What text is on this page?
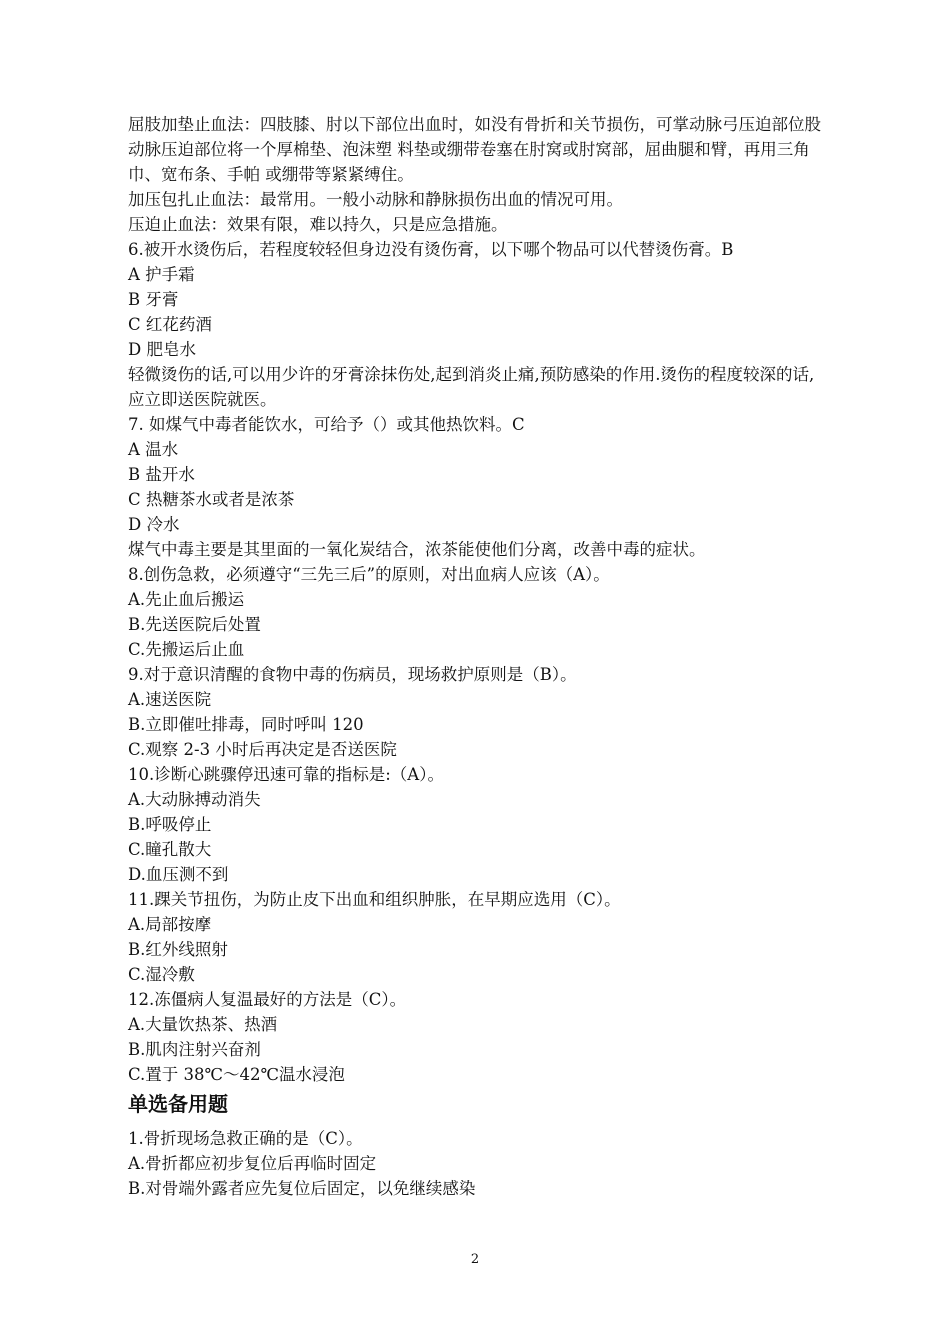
屈肢加垫止血法：四肢膝、肘以下部位出血时，如没有骨折和关节损伤，可掌动脉弓压迫部位股动脉压迫部位将一个厚棉垫、泡沫塑 料垫或绷带卷塞在肘窝或肘窝部，屈曲腿和臂，再用三角巾、宽布条、手帕 或绷带等紧紧缚住。

加压包扎止血法：最常用。一般小动脉和静脉损伤出血的情况可用。

压迫止血法：效果有限，难以持久，只是应急措施。

6.被开水烫伤后，若程度较轻但身边没有烫伤膏，以下哪个物品可以代替烫伤膏。B

A 护手霜

B 牙膏

C 红花药酒

D 肥皂水

轻微烫伤的话,可以用少许的牙膏涂抹伤处,起到消炎止痛,预防感染的作用.烫伤的程度较深的话,应立即送医院就医。

7. 如煤气中毒者能饮水，可给予（）或其他热饮料。C

A 温水

B 盐开水

C 热糖茶水或者是浓茶

D 冷水

煤气中毒主要是其里面的一氧化炭结合，浓茶能使他们分离，改善中毒的症状。

8.创伤急救，必须遵守“三先三后”的原则，对出血病人应该（A）。

A.先止血后搬运

B.先送医院后处置

C.先搬运后止血

9.对于意识清醒的食物中毒的伤病员，现场救护原则是（B）。

A.速送医院

B.立即催吐排毒，同时呼叫 120

C.观察 2-3 小时后再决定是否送医院

10.诊断心跳骤停迅速可靠的指标是:（A）。

A.大动脉搏动消失

B.呼吸停止

C.瞳孔散大

D.血压测不到

11.踝关节扭伤，为防止皮下出血和组织肿胀，在早期应选用（C）。

A.局部按摩

B.红外线照射

C.湿冷敷

12.冻僵病人复温最好的方法是（C）。

A.大量饮热茶、热酒

B.肌肉注射兴奋剂

C.置于 38℃～42℃温水浸泡

单选备用题

1.骨折现场急救正确的是（C）。

A.骨折都应初步复位后再临时固定

B.对骨端外露者应先复位后固定，以免继续感染

2
